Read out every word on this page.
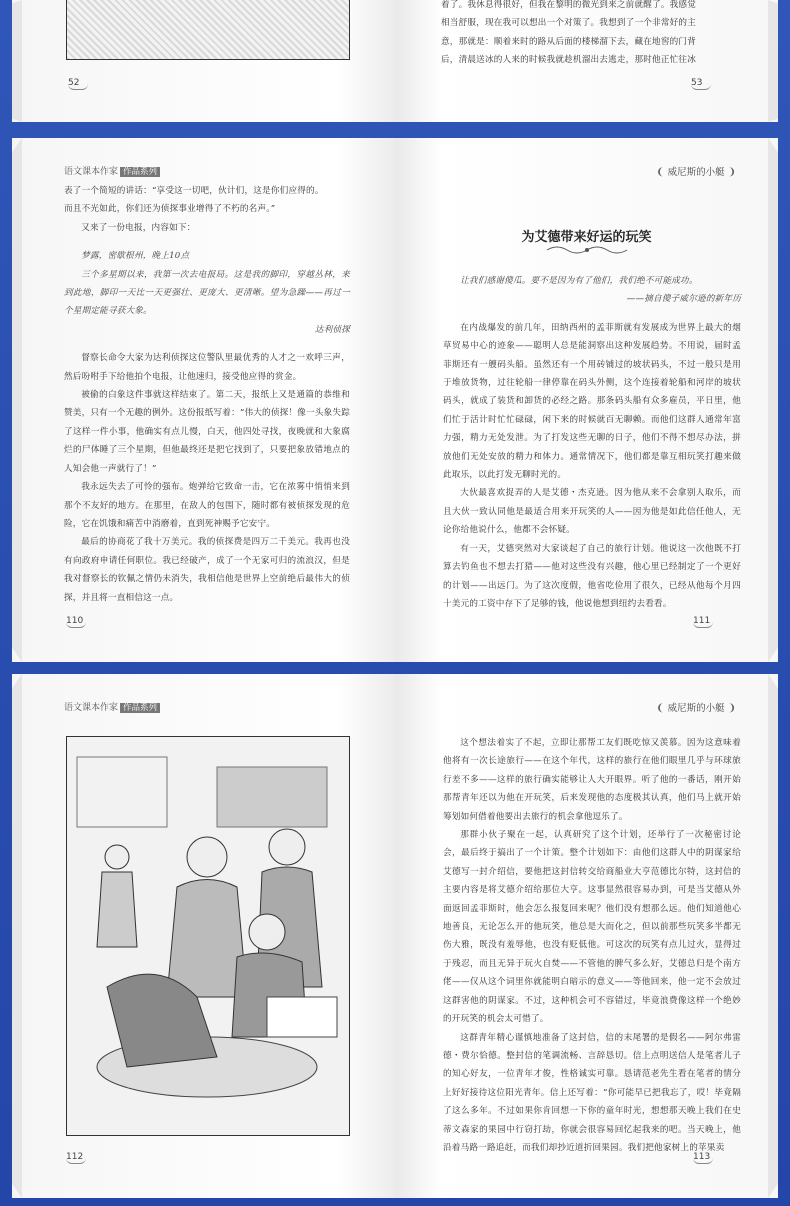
52

着了。我休息得很好，但我在黎明的微光到来之前就醒了。我感觉

相当舒服，现在我可以想出一个对策了。我想到了一个非常好的主

意，那就是：顺着来时的路从后面的楼梯溜下去，藏在地窖的门背

后，清晨送冰的人来的时候我就趁机溜出去逃走，那时他正忙往冰

53
语文课本作家 作品系列

表了一个简短的讲话：“享受这一切吧，伙计们，这是你们应得的。

而且不光如此，你们还为侦探事业增得了不朽的名声。”

又来了一份电报，内容如下：

梦露，密歇根州，晚上10点

三个多星期以来，我第一次去电报局。这是我的脚印，穿越丛林，来到此地，脚印一天比一天更强壮、更庞大、更清晰。望为急躁——再过一个星期定能寻获大象。

达利侦探

督察长命令大家为达利侦探这位警队里最优秀的人才之一欢呼三声，然后吩咐手下给他拍个电报，让他速归，接受他应得的赏金。

被偷的白象这件事就这样结束了。第二天，报纸上又是通篇的恭维和赞美，只有一个无趣的例外。这份报纸写着：“伟大的侦探！像一头象失踪了这样一件小事，他确实有点儿慢，白天，他四处寻找，夜晚就和大象腐烂的尸体睡了三个星期，但他最终还是把它找到了，只要把象放错地点的人知会他一声就行了！”

我永远失去了可怜的强布。炮弹给它致命一击，它在浓雾中悄悄来到那个不友好的地方。在那里，在敌人的包围下，随时都有被侦探发现的危险，它在饥饿和痛苦中消磨着，直到死神赐予它安宁。

最后的协商花了我十万美元。我的侦探费是四万二千美元。我再也没有向政府申请任何职位。我已经破产，成了一个无家可归的流浪汉，但是我对督察长的钦佩之情仍未消失，我相信他是世界上空前绝后最伟大的侦探，并且将一直相信这一点。

110
❨ 威尼斯的小艇 ❩
为艾德带来好运的玩笑

让我们感谢傻瓜。要不是因为有了他们，我们绝不可能成功。

——摘自傻子威尔逊的新年历

在内战爆发的前几年，田纳西州的孟菲斯就有发展成为世界上最大的烟草贸易中心的迹象——聪明人总是能洞察出这种发展趋势。不用说，届时孟菲斯还有一艘码头船。虽然还有一个用砖铺过的坡状码头，不过一般只是用于堆放货物，过往轮船一律停靠在码头外侧，这个连接着轮船和河岸的坡状码头，就成了装货和卸货的必经之路。那条码头船有众多雇员，平日里，他们忙于活计时忙忙碌碌，闲下来的时候就百无聊赖。而他们这群人通常年富力强，精力无处发泄。为了打发这些无聊的日子，他们不得不想尽办法，拼放他们无处安放的精力和体力。通常情况下，他们都是靠互相玩笑打趣来做此取乐，以此打发无聊时光的。

大伙最喜欢捉弄的人是艾德・杰克逊。因为他从来不会拿别人取乐，而且大伙一致认同他是最适合用来开玩笑的人——因为他是如此信任他人，无论你给他说什么，他都不会怀疑。

有一天，艾德突然对大家谈起了自己的旅行计划。他说这一次他既不打算去钓鱼也不想去打猎——他对这些没有兴趣，他心里已经制定了一个更好的计划——出远门。为了这次度假，他省吃俭用了很久，已经从他每个月四十美元的工资中存下了足够的钱，他说他想到纽约去看看。

111
语文课本作家 作品系列
112
❨ 威尼斯的小艇 ❩

这个想法着实了不起，立即让那帮工友们既吃惊又羡慕。因为这意味着他将有一次长途旅行——在这个年代，这样的旅行在他们眼里几乎与环球旅行差不多——这样的旅行确实能够让人大开眼界。听了他的一番话，刚开始那帮青年还以为他在开玩笑，后来发现他的态度极其认真，他们马上就开始筹划如何借着他要出去旅行的机会拿他逗乐了。

那群小伙子聚在一起，认真研究了这个计划，还举行了一次秘密讨论会，最后终于搞出了一个计策。整个计划如下：由他们这群人中的阴谋家给艾德写一封介绍信，要他把这封信转交给商船业大亨范德比尔特，这封信的主要内容是将艾德介绍给那位大亨。这事显然很容易办到，可是当艾德从外面返回孟菲斯时，他会怎么报复回来呢？他们没有想那么远。他们知道他心地善良，无论怎么开的他玩笑，他总是大而化之，但以前那些玩笑多半都无伤大雅，既没有羞辱他，也没有贬低他。可这次的玩笑有点儿过火，显得过于残忍，而且无异于玩火自焚——不管他的脾气多么好，艾德总归是个南方佬——仅从这个词里你就能明白暗示的意义——等他回来，他一定不会放过这群害他的阴谋家。不过，这种机会可不容错过，毕竟浪费像这样一个绝妙的开玩笑的机会太可惜了。

这群青年精心谨慎地准备了这封信，信的末尾署的是假名——阿尔弗雷德・费尔恰德。整封信的笔调流畅、言辞恳切。信上点明送信人是笔者儿子的知心好友，一位青年才俊，性格诚实可靠。恳请范老先生看在笔者的情分上好好接待这位阳光青年。信上还写着：“你可能早已把我忘了，哎！毕竟隔了这么多年。不过如果你肯回想一下你的童年时光，想想那天晚上我们在史蒂文森家的果园中行窃打劫，你就会很容易回忆起我来的吧。当天晚上，他沿着马路一路追赶，而我们却抄近道折回果园。我们把他家树上的苹果卖

113
